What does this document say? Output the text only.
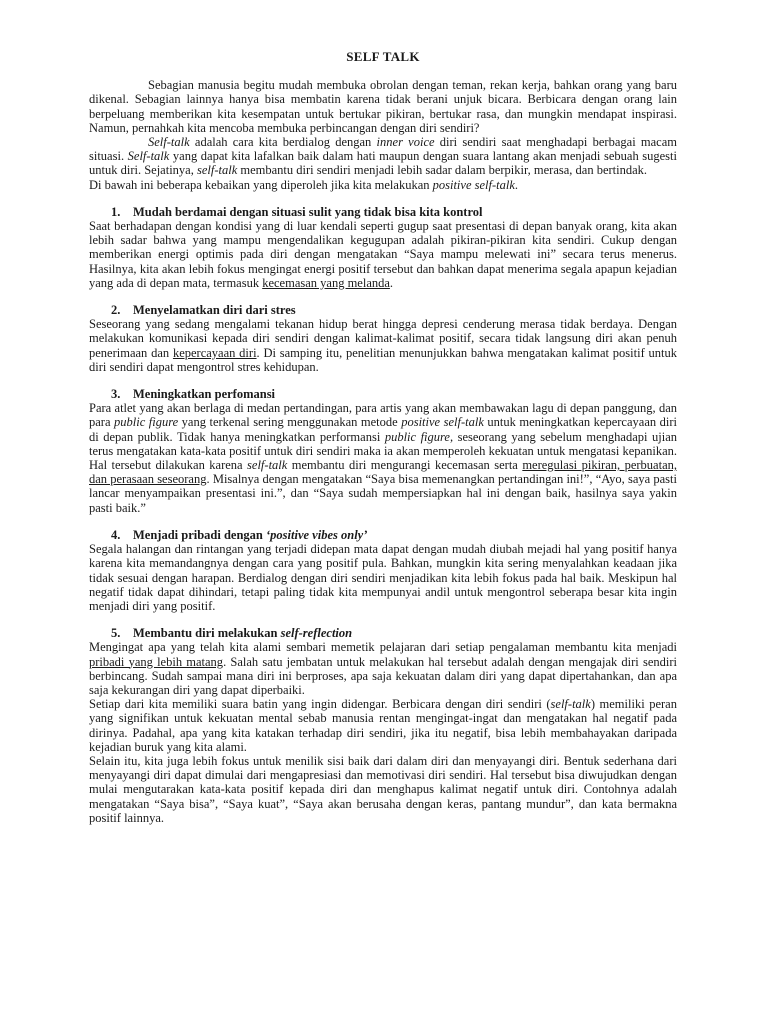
SELF TALK

Sebagian manusia begitu mudah membuka obrolan dengan teman, rekan kerja, bahkan orang yang baru dikenal. Sebagian lainnya hanya bisa membatin karena tidak berani unjuk bicara. Berbicara dengan orang lain berpeluang memberikan kita kesempatan untuk bertukar pikiran, bertukar rasa, dan mungkin mendapat inspirasi. Namun, pernahkah kita mencoba membuka perbincangan dengan diri sendiri?

Self-talk adalah cara kita berdialog dengan inner voice diri sendiri saat menghadapi berbagai macam situasi. Self-talk yang dapat kita lafalkan baik dalam hati maupun dengan suara lantang akan menjadi sebuah sugesti untuk diri. Sejatinya, self-talk membantu diri sendiri menjadi lebih sadar dalam berpikir, merasa, dan bertindak.

Di bawah ini beberapa kebaikan yang diperoleh jika kita melakukan positive self-talk.

1. Mudah berdamai dengan situasi sulit yang tidak bisa kita kontrol

Saat berhadapan dengan kondisi yang di luar kendali seperti gugup saat presentasi di depan banyak orang, kita akan lebih sadar bahwa yang mampu mengendalikan kegugupan adalah pikiran-pikiran kita sendiri. Cukup dengan memberikan energi optimis pada diri dengan mengatakan “Saya mampu melewati ini” secara terus menerus. Hasilnya, kita akan lebih fokus mengingat energi positif tersebut dan bahkan dapat menerima segala apapun kejadian yang ada di depan mata, termasuk kecemasan yang melanda.

2. Menyelamatkan diri dari stres

Seseorang yang sedang mengalami tekanan hidup berat hingga depresi cenderung merasa tidak berdaya. Dengan melakukan komunikasi kepada diri sendiri dengan kalimat-kalimat positif, secara tidak langsung diri akan penuh penerimaan dan kepercayaan diri. Di samping itu, penelitian menunjukkan bahwa mengatakan kalimat positif untuk diri sendiri dapat mengontrol stres kehidupan.

3. Meningkatkan perfomansi

Para atlet yang akan berlaga di medan pertandingan, para artis yang akan membawakan lagu di depan panggung, dan para public figure yang terkenal sering menggunakan metode positive self-talk untuk meningkatkan kepercayaan diri di depan publik. Tidak hanya meningkatkan performansi public figure, seseorang yang sebelum menghadapi ujian terus mengatakan kata-kata positif untuk diri sendiri maka ia akan memperoleh kekuatan untuk mengatasi kepanikan. Hal tersebut dilakukan karena self-talk membantu diri mengurangi kecemasan serta meregulasi pikiran, perbuatan, dan perasaan seseorang. Misalnya dengan mengatakan “Saya bisa memenangkan pertandingan ini!”, “Ayo, saya pasti lancar menyampaikan presentasi ini.”, dan “Saya sudah mempersiapkan hal ini dengan baik, hasilnya saya yakin pasti baik.”

4. Menjadi pribadi dengan ‘positive vibes only’

Segala halangan dan rintangan yang terjadi didepan mata dapat dengan mudah diubah mejadi hal yang positif hanya karena kita memandangnya dengan cara yang positif pula. Bahkan, mungkin kita sering menyalahkan keadaan jika tidak sesuai dengan harapan. Berdialog dengan diri sendiri menjadikan kita lebih fokus pada hal baik. Meskipun hal negatif tidak dapat dihindari, tetapi paling tidak kita mempunyai andil untuk mengontrol seberapa besar kita ingin menjadi diri yang positif.

5. Membantu diri melakukan self-reflection

Mengingat apa yang telah kita alami sembari memetik pelajaran dari setiap pengalaman membantu kita menjadi pribadi yang lebih matang. Salah satu jembatan untuk melakukan hal tersebut adalah dengan mengajak diri sendiri berbincang. Sudah sampai mana diri ini berproses, apa saja kekuatan dalam diri yang dapat dipertahankan, dan apa saja kekurangan diri yang dapat diperbaiki.

Setiap dari kita memiliki suara batin yang ingin didengar. Berbicara dengan diri sendiri (self-talk) memiliki peran yang signifikan untuk kekuatan mental sebab manusia rentan mengingat-ingat dan mengatakan hal negatif pada dirinya. Padahal, apa yang kita katakan terhadap diri sendiri, jika itu negatif, bisa lebih membahayakan daripada kejadian buruk yang kita alami.

Selain itu, kita juga lebih fokus untuk menilik sisi baik dari dalam diri dan menyayangi diri. Bentuk sederhana dari menyayangi diri dapat dimulai dari mengapresiasi dan memotivasi diri sendiri. Hal tersebut bisa diwujudkan dengan mulai mengutarakan kata-kata positif kepada diri dan menghapus kalimat negatif untuk diri. Contohnya adalah mengatakan “Saya bisa”, “Saya kuat”, “Saya akan berusaha dengan keras, pantang mundur”, dan kata bermakna positif lainnya.
